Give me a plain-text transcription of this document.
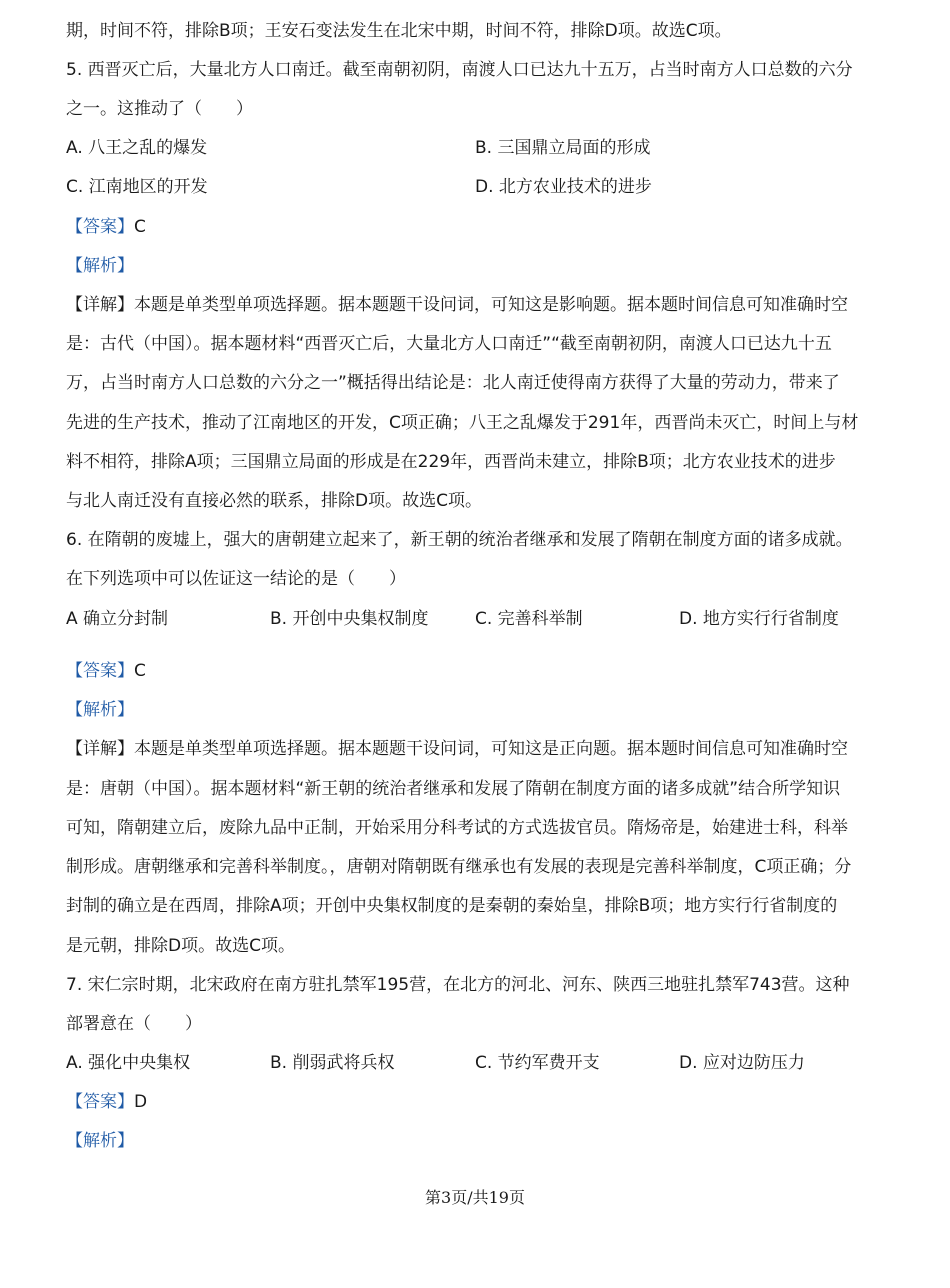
期，时间不符，排除B项；王安石变法发生在北宋中期，时间不符，排除D项。故选C项。
5. 西晋灭亡后，大量北方人口南迁。截至南朝初阴，南渡人口已达九十五万，占当时南方人口总数的六分
之一。这推动了（　　）
A. 八王之乱的爆发	B. 三国鼎立局面的形成
C. 江南地区的开发	D. 北方农业技术的进步
【答案】C
【解析】
【详解】本题是单类型单项选择题。据本题题干设问词，可知这是影响题。据本题时间信息可知准确时空
是：古代（中国）。据本题材料“西晋灭亡后，大量北方人口南迁”“截至南朝初阴，南渡人口已达九十五
万，占当时南方人口总数的六分之一”概括得出结论是：北人南迁使得南方获得了大量的劳动力，带来了
先进的生产技术，推动了江南地区的开发，C项正确；八王之乱爆发于291年，西晋尚未灭亡，时间上与材
料不相符，排除A项；三国鼎立局面的形成是在229年，西晋尚未建立，排除B项；北方农业技术的进步
与北人南迁没有直接必然的联系，排除D项。故选C项。
6. 在隋朝的废墟上，强大的唐朝建立起来了，新王朝的统治者继承和发展了隋朝在制度方面的诸多成就。
在下列选项中可以佐证这一结论的是（　　）
A 确立分封制	B. 开创中央集权制度	C. 完善科举制	D. 地方实行行省制度
【答案】C
【解析】
【详解】本题是单类型单项选择题。据本题题干设问词，可知这是正向题。据本题时间信息可知准确时空
是：唐朝（中国）。据本题材料“新王朝的统治者继承和发展了隋朝在制度方面的诸多成就”结合所学知识
可知，隋朝建立后，废除九品中正制，开始采用分科考试的方式选拔官员。隋炀帝是，始建进士科，科举
制形成。唐朝继承和完善科举制度。，唐朝对隋朝既有继承也有发展的表现是完善科举制度，C项正确；分
封制的确立是在西周，排除A项；开创中央集权制度的是秦朝的秦始皇，排除B项；地方实行行省制度的
是元朝，排除D项。故选C项。
7. 宋仁宗时期，北宋政府在南方驻扎禁军195营，在北方的河北、河东、陕西三地驻扎禁军743营。这种
部署意在（　　）
A. 强化中央集权	B. 削弱武将兵权	C. 节约军费开支	D. 应对边防压力
【答案】D
【解析】
第3页/共19页
